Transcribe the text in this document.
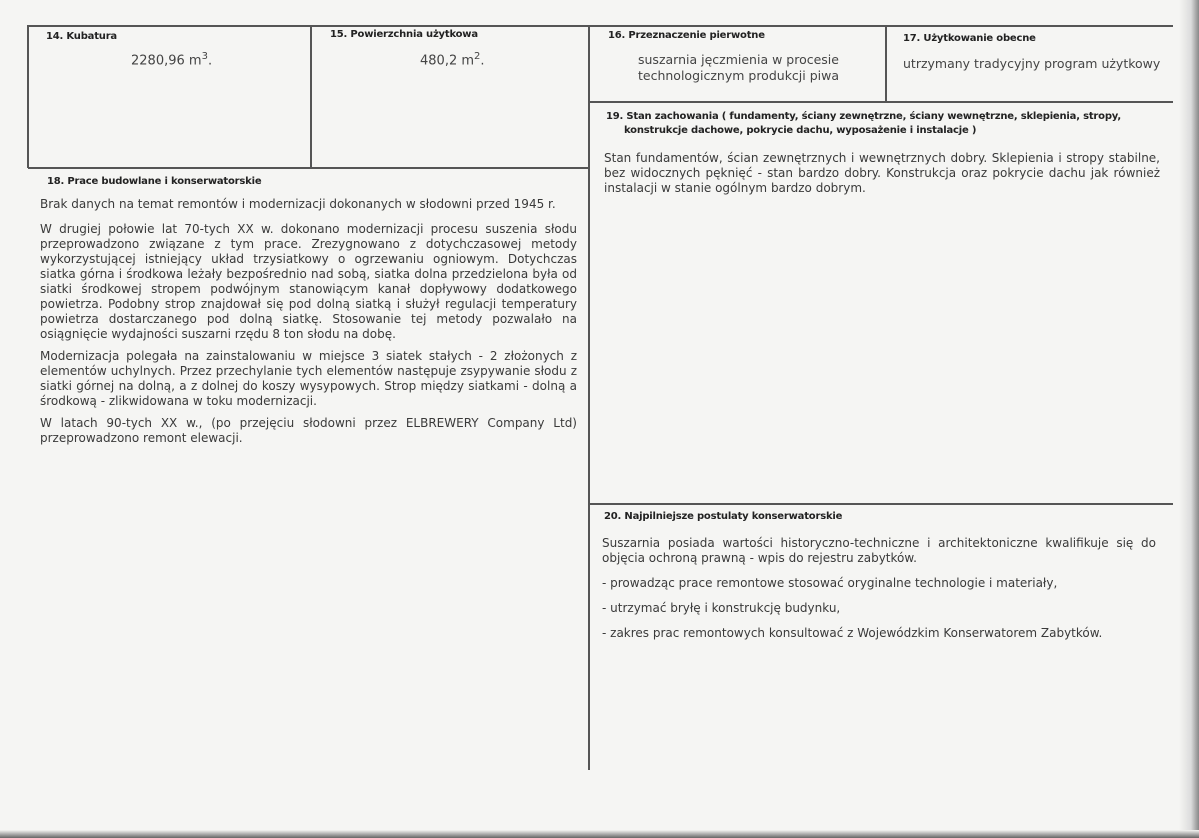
14. Kubatura
2280,96 $m^3$.
15. Powierzchnia użytkowa
480,2 $m^2$.
16. Przeznaczenie pierwotne
suszarnia jęczmienia w procesie
technologicznym produkcji piwa
17. Użytkowanie obecne
utrzymany tradycyjny program użytkowy
19. Stan zachowania ( fundamenty, ściany zewnętrzne, ściany wewnętrzne, sklepienia, stropy,
konstrukcje dachowe, pokrycie dachu, wyposażenie i instalacje )
Stan fundamentów, ścian zewnętrznych i wewnętrznych dobry. Sklepienia i stropy stabilne, bez widocznych pęknięć - stan bardzo dobry. Konstrukcja oraz pokrycie dachu jak również instalacji w stanie ogólnym bardzo dobrym.
18. Prace budowlane i konserwatorskie

Brak danych na temat remontów i modernizacji dokonanych w słodowni przed 1945 r.

W drugiej połowie lat 70-tych XX w. dokonano modernizacji procesu suszenia słodu przeprowadzono związane z tym prace. Zrezygnowano z dotychczasowej metody wykorzystującej istniejący układ trzysiatkowy o ogrzewaniu ogniowym. Dotychczas siatka górna i środkowa leżały bezpośrednio nad sobą, siatka dolna przedzielona była od siatki środkowej stropem podwójnym stanowiącym kanał dopływowy dodatkowego powietrza. Podobny strop znajdował się pod dolną siatką i służył regulacji temperatury powietrza dostarczanego pod dolną siatkę. Stosowanie tej metody pozwalało na osiągnięcie wydajności suszarni rzędu 8 ton słodu na dobę.

Modernizacja polegała na zainstalowaniu w miejsce 3 siatek stałych - 2 złożonych z elementów uchylnych. Przez przechylanie tych elementów następuje zsypywanie słodu z siatki górnej na dolną, a z dolnej do koszy wysypowych. Strop między siatkami - dolną a środkową - zlikwidowana w toku modernizacji.

W latach 90-tych XX w., (po przejęciu słodowni przez ELBREWERY Company Ltd) przeprowadzono remont elewacji.

20. Najpilniejsze postulaty konserwatorskie

Suszarnia posiada wartości historyczno-techniczne i architektoniczne kwalifikuje się do objęcia ochroną prawną - wpis do rejestru zabytków.

- prowadząc prace remontowe stosować oryginalne technologie i materiały,

- utrzymać bryłę i konstrukcję budynku,

- zakres prac remontowych konsultować z Wojewódzkim Konserwatorem Zabytków.
